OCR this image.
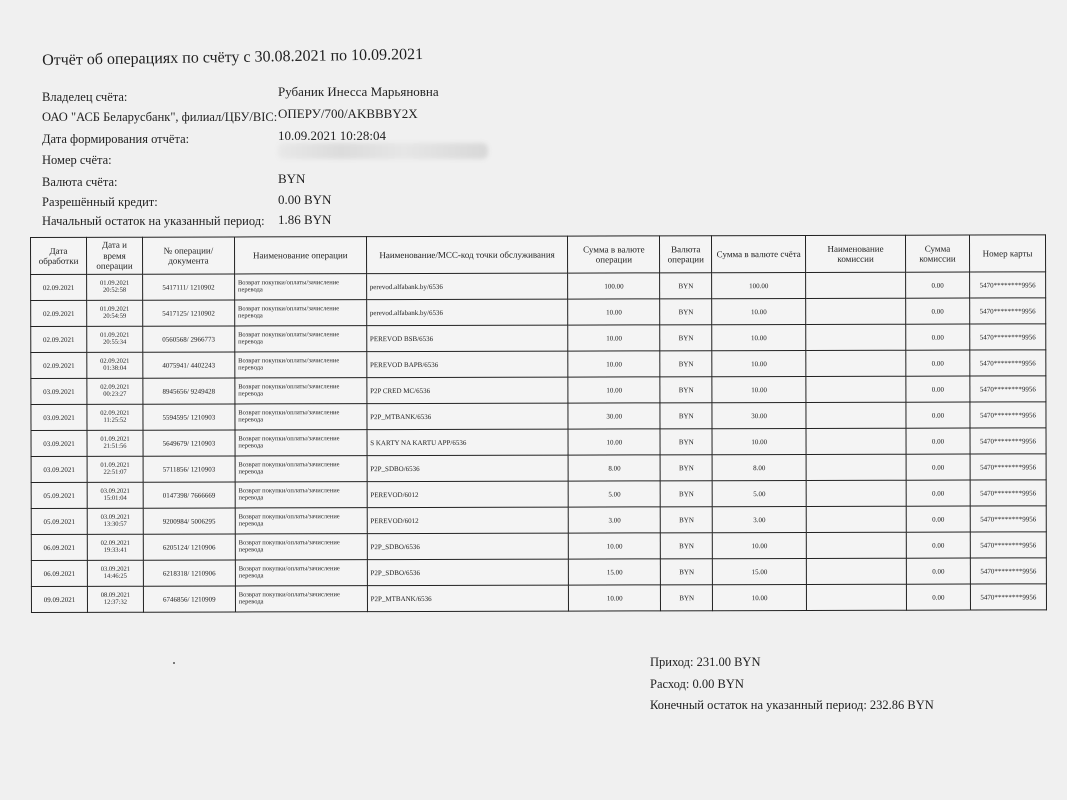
Отчёт об операциях по счёту с 30.08.2021 по 10.09.2021
Владелец счёта:	Рубаник Инесса Марьяновна
ОАО "АСБ Беларусбанк", филиал/ЦБУ/BIC: ОПЕРУ/700/AKBBBY2X
Дата формирования отчёта:	10.09.2021 10:28:04
Номер счёта:
Валюта счёта:	BYN
Разрешённый кредит:	0.00 BYN
Начальный остаток на указанный период: 1.86 BYN
Дата обработки	Дата и время операции	№ операции/ документа	Наименование операции	Наименование/MCC-код точки обслуживания	Сумма в валюте операции	Валюта операции	Сумма в валюте счёта	Наименование комиссии	Сумма комиссии	Номер карты
02.09.2021	01.09.2021 20:52:58	5417111/ 1210902	Возврат покупки/оплаты/зачисление перевода	perevod.alfabank.by/6536	100.00	BYN	100.00		0.00	5470********9956
02.09.2021	01.09.2021 20:54:59	5417125/ 1210902	Возврат покупки/оплаты/зачисление перевода	perevod.alfabank.by/6536	10.00	BYN	10.00		0.00	5470********9956
02.09.2021	01.09.2021 20:55:34	0560568/ 2966773	Возврат покупки/оплаты/зачисление перевода	PEREVOD BSB/6536	10.00	BYN	10.00		0.00	5470********9956
02.09.2021	02.09.2021 01:38:04	4075941/ 4402243	Возврат покупки/оплаты/зачисление перевода	PEREVOD BAPB/6536	10.00	BYN	10.00		0.00	5470********9956
03.09.2021	02.09.2021 00:23:27	8945656/ 9249428	Возврат покупки/оплаты/зачисление перевода	P2P CRED MC/6536	10.00	BYN	10.00		0.00	5470********9956
03.09.2021	02.09.2021 11:25:52	5594595/ 1210903	Возврат покупки/оплаты/зачисление перевода	P2P_MTBANK/6536	30.00	BYN	30.00		0.00	5470********9956
03.09.2021	01.09.2021 21:51:56	5649679/ 1210903	Возврат покупки/оплаты/зачисление перевода	S KARTY NA KARTU APP/6536	10.00	BYN	10.00		0.00	5470********9956
03.09.2021	01.09.2021 22:51:07	5711856/ 1210903	Возврат покупки/оплаты/зачисление перевода	P2P_SDBO/6536	8.00	BYN	8.00		0.00	5470********9956
05.09.2021	03.09.2021 15:01:04	0147398/ 7666669	Возврат покупки/оплаты/зачисление перевода	PEREVOD/6012	5.00	BYN	5.00		0.00	5470********9956
05.09.2021	03.09.2021 13:30:57	9200984/ 5006295	Возврат покупки/оплаты/зачисление перевода	PEREVOD/6012	3.00	BYN	3.00		0.00	5470********9956
06.09.2021	02.09.2021 19:33:41	6205124/ 1210906	Возврат покупки/оплаты/зачисление перевода	P2P_SDBO/6536	10.00	BYN	10.00		0.00	5470********9956
06.09.2021	03.09.2021 14:46:25	6218318/ 1210906	Возврат покупки/оплаты/зачисление перевода	P2P_SDBO/6536	15.00	BYN	15.00		0.00	5470********9956
09.09.2021	08.09.2021 12:37:32	6746856/ 1210909	Возврат покупки/оплаты/зачисление перевода	P2P_MTBANK/6536	10.00	BYN	10.00		0.00	5470********9956
Приход: 231.00 BYN
Расход: 0.00 BYN
Конечный остаток на указанный период: 232.86 BYN
